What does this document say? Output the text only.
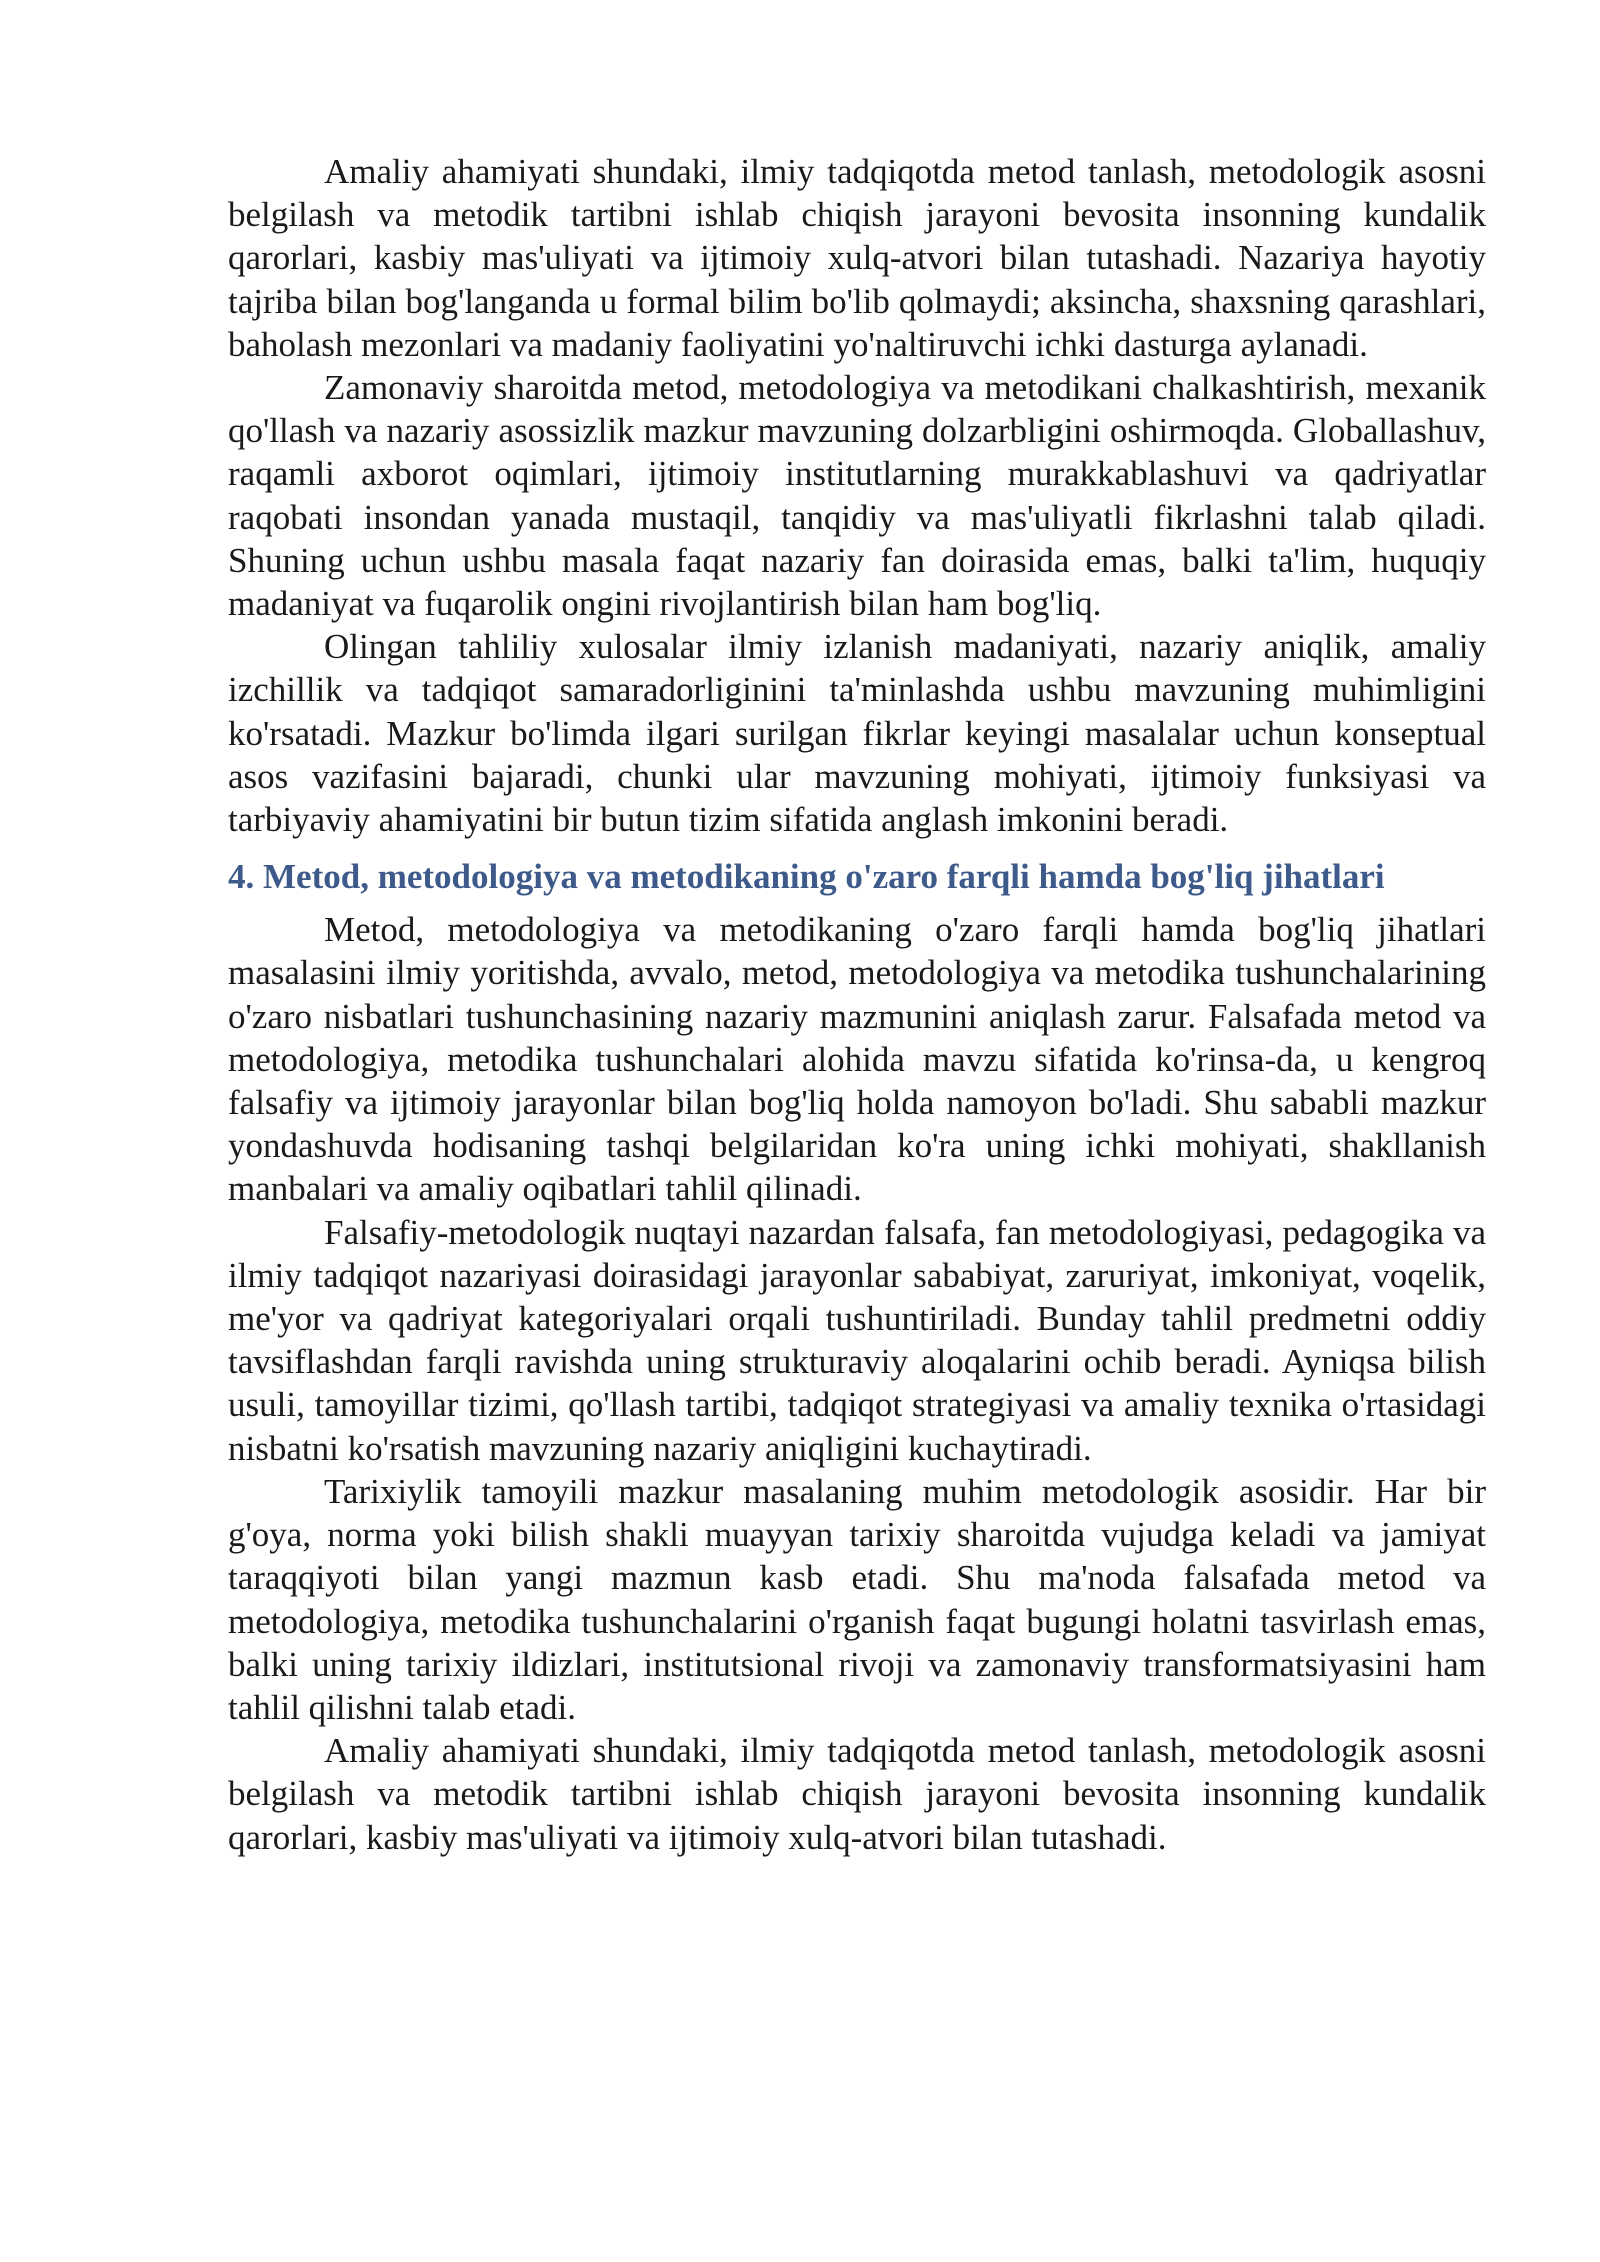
Amaliy ahamiyati shundaki, ilmiy tadqiqotda metod tanlash, metodologik asosni belgilash va metodik tartibni ishlab chiqish jarayoni bevosita insonning kundalik qarorlari, kasbiy mas'uliyati va ijtimoiy xulq-atvori bilan tutashadi. Nazariya hayotiy tajriba bilan bog'langanda u formal bilim bo'lib qolmaydi; aksincha, shaxsning qarashlari, baholash mezonlari va madaniy faoliyatini yo'naltiruvchi ichki dasturga aylanadi.

Zamonaviy sharoitda metod, metodologiya va metodikani chalkashtirish, mexanik qo'llash va nazariy asossizlik mazkur mavzuning dolzarbligini oshirmoqda. Globallashuv, raqamli axborot oqimlari, ijtimoiy institutlarning murakkablashuvi va qadriyatlar raqobati insondan yanada mustaqil, tanqidiy va mas'uliyatli fikrlashni talab qiladi. Shuning uchun ushbu masala faqat nazariy fan doirasida emas, balki ta'lim, huquqiy madaniyat va fuqarolik ongini rivojlantirish bilan ham bog'liq.

Olingan tahliliy xulosalar ilmiy izlanish madaniyati, nazariy aniqlik, amaliy izchillik va tadqiqot samaradorliginini ta'minlashda ushbu mavzuning muhimligini ko'rsatadi. Mazkur bo'limda ilgari surilgan fikrlar keyingi masalalar uchun konseptual asos vazifasini bajaradi, chunki ular mavzuning mohiyati, ijtimoiy funksiyasi va tarbiyaviy ahamiyatini bir butun tizim sifatida anglash imkonini beradi.

4. Metod, metodologiya va metodikaning o'zaro farqli hamda bog'liq jihatlari

Metod, metodologiya va metodikaning o'zaro farqli hamda bog'liq jihatlari masalasini ilmiy yoritishda, avvalo, metod, metodologiya va metodika tushunchalarining o'zaro nisbatlari tushunchasining nazariy mazmunini aniqlash zarur. Falsafada metod va metodologiya, metodika tushunchalari alohida mavzu sifatida ko'rinsa-da, u kengroq falsafiy va ijtimoiy jarayonlar bilan bog'liq holda namoyon bo'ladi. Shu sababli mazkur yondashuvda hodisaning tashqi belgilaridan ko'ra uning ichki mohiyati, shakllanish manbalari va amaliy oqibatlari tahlil qilinadi.

Falsafiy-metodologik nuqtayi nazardan falsafa, fan metodologiyasi, pedagogika va ilmiy tadqiqot nazariyasi doirasidagi jarayonlar sababiyat, zaruriyat, imkoniyat, voqelik, me'yor va qadriyat kategoriyalari orqali tushuntiriladi. Bunday tahlil predmetni oddiy tavsiflashdan farqli ravishda uning strukturaviy aloqalarini ochib beradi. Ayniqsa bilish usuli, tamoyillar tizimi, qo'llash tartibi, tadqiqot strategiyasi va amaliy texnika o'rtasidagi nisbatni ko'rsatish mavzuning nazariy aniqligini kuchaytiradi.

Tarixiylik tamoyili mazkur masalaning muhim metodologik asosidir. Har bir g'oya, norma yoki bilish shakli muayyan tarixiy sharoitda vujudga keladi va jamiyat taraqqiyoti bilan yangi mazmun kasb etadi. Shu ma'noda falsafada metod va metodologiya, metodika tushunchalarini o'rganish faqat bugungi holatni tasvirlash emas, balki uning tarixiy ildizlari, institutsional rivoji va zamonaviy transformatsiyasini ham tahlil qilishni talab etadi.

Amaliy ahamiyati shundaki, ilmiy tadqiqotda metod tanlash, metodologik asosni belgilash va metodik tartibni ishlab chiqish jarayoni bevosita insonning kundalik qarorlari, kasbiy mas'uliyati va ijtimoiy xulq-atvori bilan tutashadi.
